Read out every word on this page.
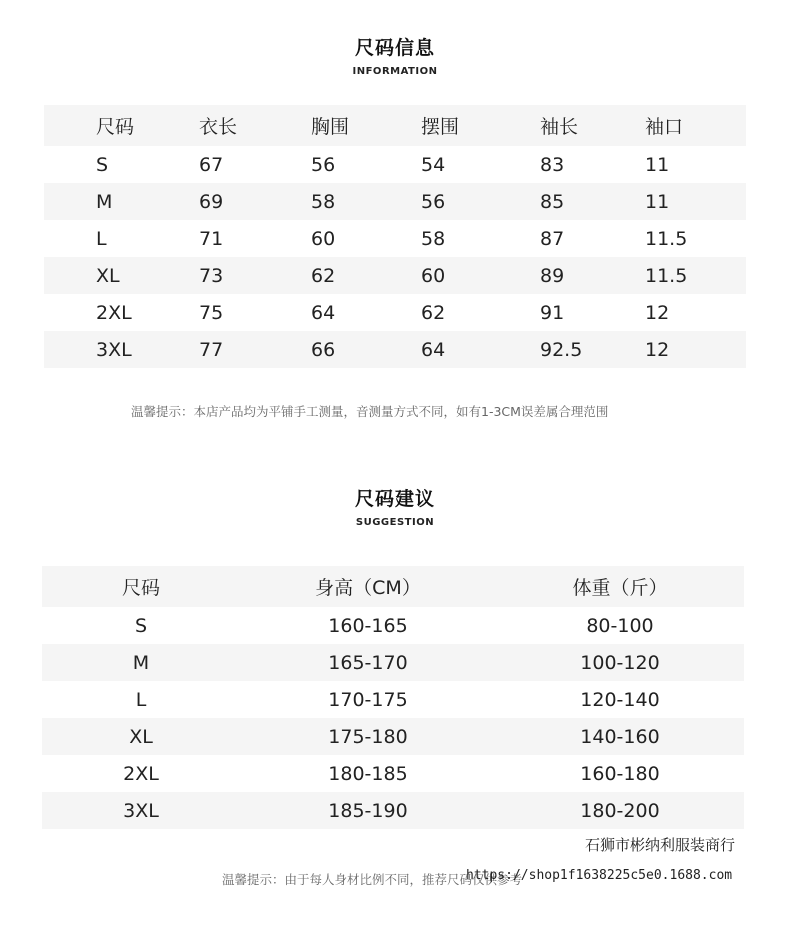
尺码信息
INFORMATION
尺码	衣长	胸围	摆围	袖长	袖口
S	67	56	54	83	11
M	69	58	56	85	11
L	71	60	58	87	11.5
XL	73	62	60	89	11.5
2XL	75	64	62	91	12
3XL	77	66	64	92.5	12
温馨提示：本店产品均为平铺手工测量，音测量方式不同，如有1-3CM误差属合理范围
尺码建议
SUGGESTION
尺码	身高（CM）	体重（斤）
S	160-165	80-100
M	165-170	100-120
L	170-175	120-140
XL	175-180	140-160
2XL	180-185	160-180
3XL	185-190	180-200
石狮市彬纳利服装商行
温馨提示：由于每人身材比例不同，推荐尺码仅供参考
https://shop1f1638225c5e0.1688.com
